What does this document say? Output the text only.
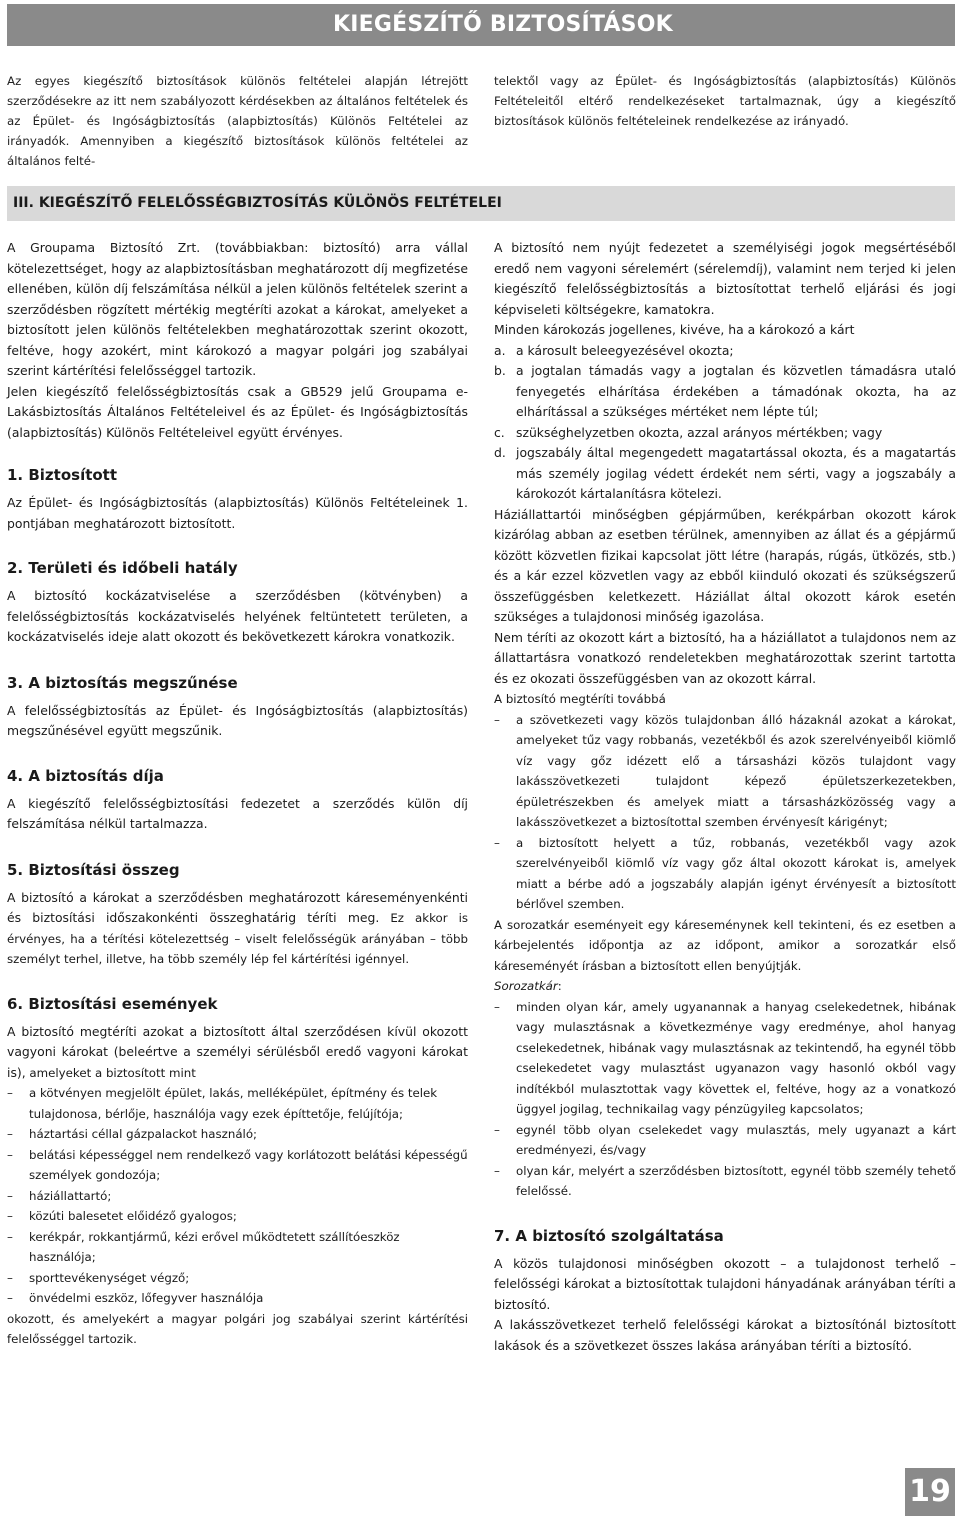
KIEGÉSZÍTŐ BIZTOSÍTÁSOK

Az egyes kiegészítő biztosítások különös feltételei alapján létrejött szerződésekre az itt nem szabályozott kérdésekben az általános feltételek és az Épület- és Ingóságbiztosítás (alapbiztosítás) Különös Feltételei az irányadók. Amennyiben a kiegészítő biztosítások különös feltételei az általános felté-

telektől vagy az Épület- és Ingóságbiztosítás (alapbiztosítás) Különös Feltételeitől eltérő rendelkezéseket tartalmaznak, úgy a kiegészítő biztosítások különös feltételeinek rendelkezése az irányadó.

III. KIEGÉSZÍTŐ FELELŐSSÉGBIZTOSÍTÁS KÜLÖNÖS FELTÉTELEI

A Groupama Biztosító Zrt. (továbbiakban: biztosító) arra vállal kötelezettséget, hogy az alapbiztosításban meghatározott díj megfizetése ellenében, külön díj felszámítása nélkül a jelen különös feltételek szerint a szerződésben rögzített mértékig megtéríti azokat a károkat, amelyeket a biztosított jelen különös feltételekben meghatározottak szerint okozott, feltéve, hogy azokért, mint károkozó a magyar polgári jog szabályai szerint kártérítési felelősséggel tartozik.

Jelen kiegészítő felelősségbiztosítás csak a GB529 jelű Groupama e-Lakásbiztosítás Általános Feltételeivel és az Épület- és Ingóságbiztosítás (alapbiztosítás) Különös Feltételeivel együtt érvényes.

1. Biztosított

Az Épület- és Ingóságbiztosítás (alapbiztosítás) Különös Feltételeinek 1. pontjában meghatározott biztosított.

2. Területi és időbeli hatály

A biztosító kockázatviselése a szerződésben (kötvényben) a felelősségbiztosítás kockázatviselés helyének feltüntetett területen, a kockázatviselés ideje alatt okozott és bekövetkezett károkra vonatkozik.

3. A biztosítás megszűnése

A felelősségbiztosítás az Épület- és Ingóságbiztosítás (alapbiztosítás) megszűnésével együtt megszűnik.

4. A biztosítás díja

A kiegészítő felelősségbiztosítási fedezetet a szerződés külön díj felszámítása nélkül tartalmazza.

5. Biztosítási összeg

A biztosító a károkat a szerződésben meghatározott káreseményenkénti és biztosítási időszakonkénti összeghatárig téríti meg. Ez akkor is érvényes, ha a térítési kötelezettség – viselt felelősségük arányában – több személyt terhel, illetve, ha több személy lép fel kártérítési igénnyel.

6. Biztosítási események

A biztosító megtéríti azokat a biztosított által szerződésen kívül okozott vagyoni károkat (beleértve a személyi sérülésből eredő vagyoni károkat is), amelyeket a biztosított mint

– a kötvényen megjelölt épület, lakás, melléképület, építmény és telek tulajdonosa, bérlője, használója vagy ezek építtetője, felújítója;
– háztartási céllal gázpalackot használó;
– belátási képességgel nem rendelkező vagy korlátozott belátási képességű személyek gondozója;
– háziállattartó;
– közúti balesetet előidéző gyalogos;
– kerékpár, rokkantjármű, kézi erővel működtetett szállítóeszköz használója;
– sporttevékenységet végző;
– önvédelmi eszköz, lőfegyver használója

okozott, és amelyekért a magyar polgári jog szabályai szerint kártérítési felelősséggel tartozik.

A biztosító nem nyújt fedezetet a személyiségi jogok megsértéséből eredő nem vagyoni sérelemért (sérelemdíj), valamint nem terjed ki jelen kiegészítő felelősségbiztosítás a biztosítottat terhelő eljárási és jogi képviseleti költségekre, kamatokra.

Minden károkozás jogellenes, kivéve, ha a károkozó a kárt

a. a károsult beleegyezésével okozta;
b. a jogtalan támadás vagy a jogtalan és közvetlen támadásra utaló fenyegetés elhárítása érdekében a támadónak okozta, ha az elhárítással a szükséges mértéket nem lépte túl;
c. szükséghelyzetben okozta, azzal arányos mértékben; vagy
d. jogszabály által megengedett magatartással okozta, és a magatartás más személy jogilag védett érdekét nem sérti, vagy a jogszabály a károkozót kártalanításra kötelezi.

Háziállattartói minőségben gépjárműben, kerékpárban okozott károk kizárólag abban az esetben térülnek, amennyiben az állat és a gépjármű között közvetlen fizikai kapcsolat jött létre (harapás, rúgás, ütközés, stb.) és a kár ezzel közvetlen vagy az ebből kiinduló okozati és szükségszerű összefüggésben keletkezett. Háziállat által okozott károk esetén szükséges a tulajdonosi minőség igazolása.

Nem téríti az okozott kárt a biztosító, ha a háziállatot a tulajdonos nem az állattartásra vonatkozó rendeletekben meghatározottak szerint tartotta és ez okozati összefüggésben van az okozott kárral.

A biztosító megtéríti továbbá

– a szövetkezeti vagy közös tulajdonban álló házaknál azokat a károkat, amelyeket tűz vagy robbanás, vezetékből és azok szerelvényeiből kiömlő víz vagy gőz idézett elő a társasházi közös tulajdont vagy lakásszövetkezeti tulajdont képező épületszerkezetekben, épületrészekben és amelyek miatt a társasházközösség vagy a lakásszövetkezet a biztosítottal szemben érvényesít kárigényt;
– a biztosított helyett a tűz, robbanás, vezetékből vagy azok szerelvényeiből kiömlő víz vagy gőz által okozott károkat is, amelyek miatt a bérbe adó a jogszabály alapján igényt érvényesít a biztosított bérlővel szemben.

A sorozatkár eseményeit egy káreseménynek kell tekinteni, és ez esetben a kárbejelentés időpontja az az időpont, amikor a sorozatkár első káreseményét írásban a biztosított ellen benyújtják.

Sorozatkár:

– minden olyan kár, amely ugyanannak a hanyag cselekedetnek, hibának vagy mulasztásnak a következménye vagy eredménye, ahol hanyag cselekedetnek, hibának vagy mulasztásnak az tekintendő, ha egynél több cselekedetet vagy mulasztást ugyanazon vagy hasonló okból vagy indítékból mulasztottak vagy követtek el, feltéve, hogy az a vonatkozó üggyel jogilag, technikailag vagy pénzügyileg kapcsolatos;
– egynél több olyan cselekedet vagy mulasztás, mely ugyanazt a kárt eredményezi, és/vagy
– olyan kár, melyért a szerződésben biztosított, egynél több személy tehető felelőssé.
7. A biztosító szolgáltatása

A közös tulajdonosi minőségben okozott – a tulajdonost terhelő – felelősségi károkat a biztosítottak tulajdoni hányadának arányában téríti a biztosító.

A lakásszövetkezet terhelő felelősségi károkat a biztosítónál biztosított lakások és a szövetkezet összes lakása arányában téríti a biztosító.

19
